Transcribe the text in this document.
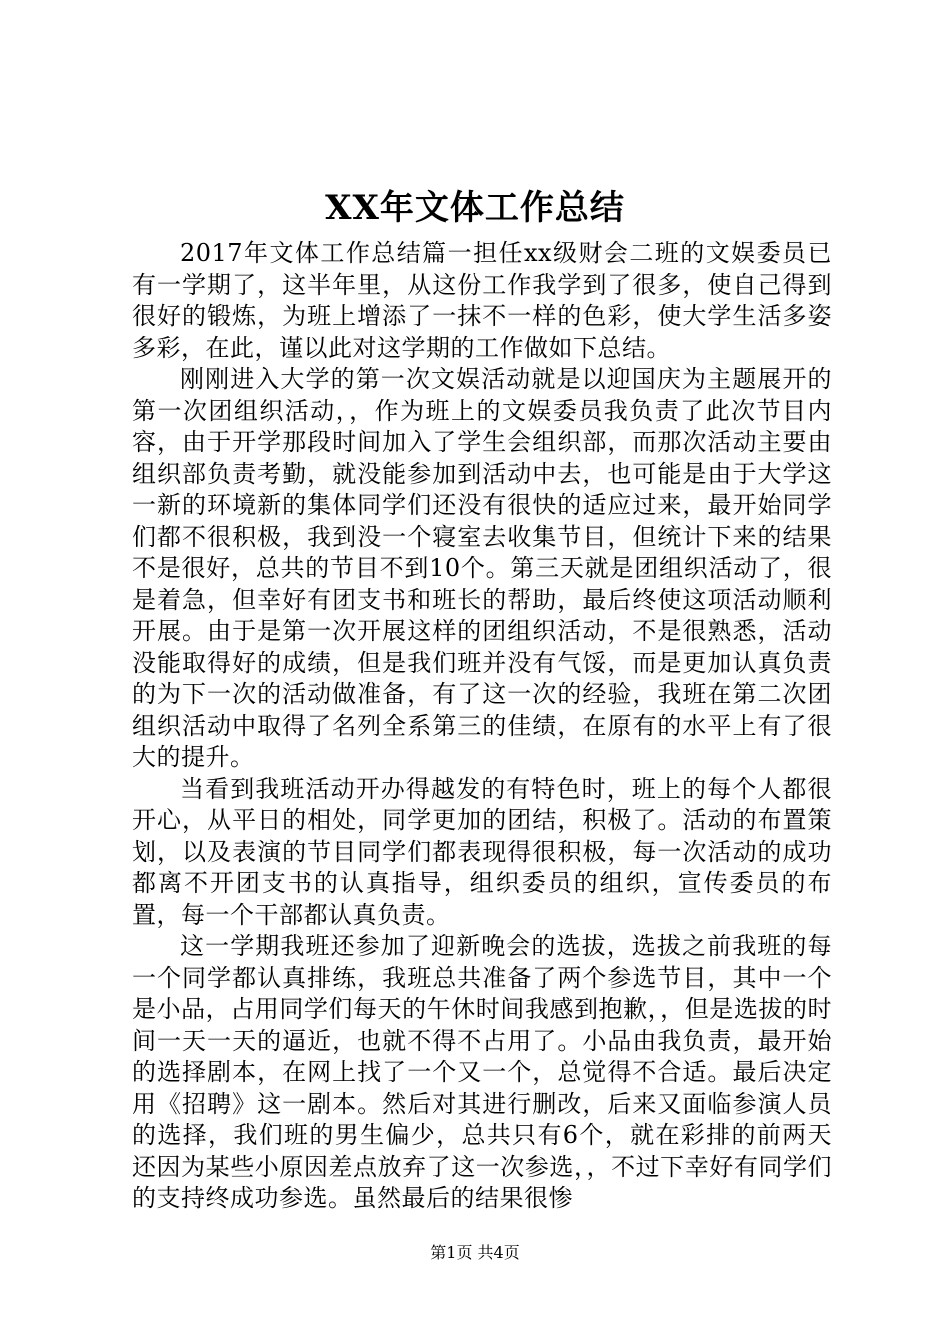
XX年文体工作总结

2017年文体工作总结篇一担任xx级财会二班的文娱委员已有一学期了，这半年里，从这份工作我学到了很多，使自己得到很好的锻炼，为班上增添了一抹不一样的色彩，使大学生活多姿多彩，在此，谨以此对这学期的工作做如下总结。

刚刚进入大学的第一次文娱活动就是以迎国庆为主题展开的第一次团组织活动，，作为班上的文娱委员我负责了此次节目内容，由于开学那段时间加入了学生会组织部，而那次活动主要由组织部负责考勤，就没能参加到活动中去，也可能是由于大学这一新的环境新的集体同学们还没有很快的适应过来，最开始同学们都不很积极，我到没一个寝室去收集节目，但统计下来的结果不是很好，总共的节目不到10个。第三天就是团组织活动了，很是着急，但幸好有团支书和班长的帮助，最后终使这项活动顺利开展。由于是第一次开展这样的团组织活动，不是很熟悉，活动没能取得好的成绩，但是我们班并没有气馁，而是更加认真负责的为下一次的活动做准备，有了这一次的经验，我班在第二次团组织活动中取得了名列全系第三的佳绩，在原有的水平上有了很大的提升。

当看到我班活动开办得越发的有特色时，班上的每个人都很开心，从平日的相处，同学更加的团结，积极了。活动的布置策划，以及表演的节目同学们都表现得很积极，每一次活动的成功都离不开团支书的认真指导，组织委员的组织，宣传委员的布置，每一个干部都认真负责。

这一学期我班还参加了迎新晚会的选拔，选拔之前我班的每一个同学都认真排练，我班总共准备了两个参选节目，其中一个是小品，占用同学们每天的午休时间我感到抱歉，，但是选拔的时间一天一天的逼近，也就不得不占用了。小品由我负责，最开始的选择剧本，在网上找了一个又一个，总觉得不合适。最后决定用《招聘》这一剧本。然后对其进行删改，后来又面临参演人员的选择，我们班的男生偏少，总共只有6个，就在彩排的前两天还因为某些小原因差点放弃了这一次参选，，不过下幸好有同学们的支持终成功参选。虽然最后的结果很惨

第1页 共4页
